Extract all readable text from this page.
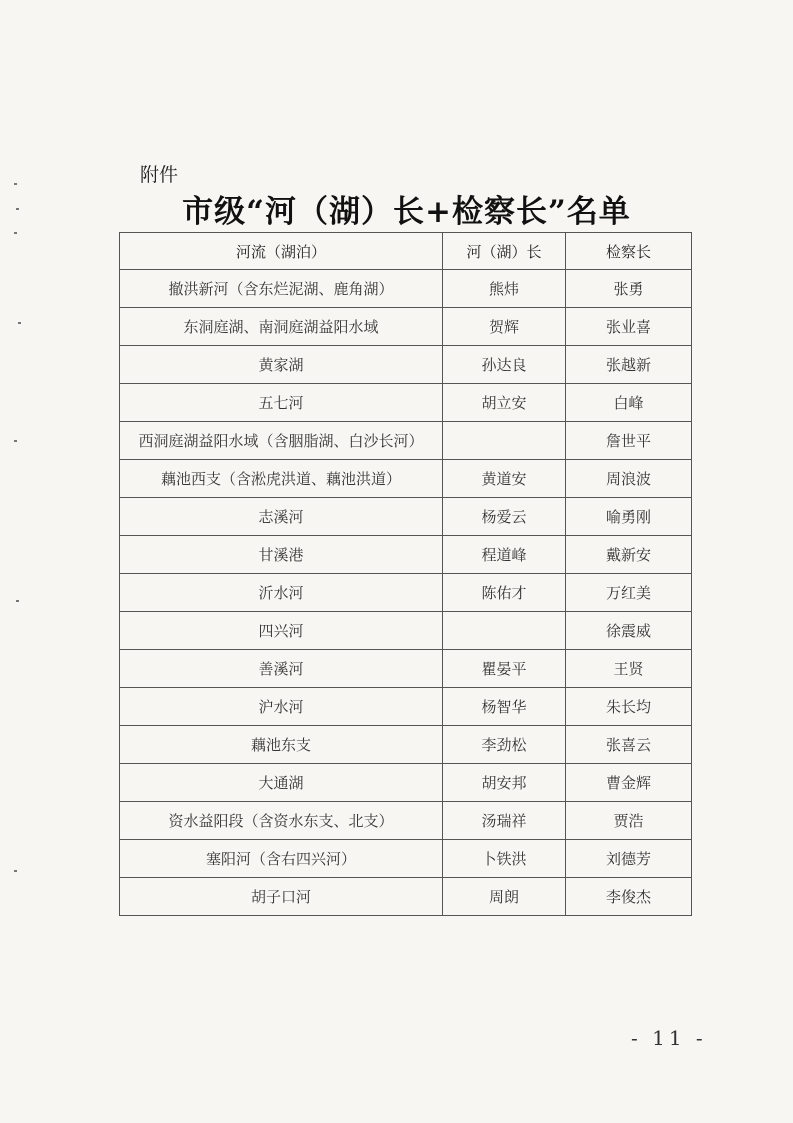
附件
市级“河（湖）长+检察长”名单
河流（湖泊）	河（湖）长	检察长
撤洪新河（含东烂泥湖、鹿角湖）	熊炜	张勇
东洞庭湖、南洞庭湖益阳水域	贺辉	张业喜
黄家湖	孙达良	张越新
五七河	胡立安	白峰
西洞庭湖益阳水域（含胭脂湖、白沙长河）		詹世平
藕池西支（含淞虎洪道、藕池洪道）	黄道安	周浪波
志溪河	杨爱云	喻勇刚
甘溪港	程道峰	戴新安
沂水河	陈佑才	万红美
四兴河		徐震威
善溪河	瞿晏平	王贤
沪水河	杨智华	朱长均
藕池东支	李劲松	张喜云
大通湖	胡安邦	曹金辉
资水益阳段（含资水东支、北支）	汤瑞祥	贾浩
塞阳河（含右四兴河）	卜铁洪	刘德芳
胡子口河	周朗	李俊杰
- 11 -
